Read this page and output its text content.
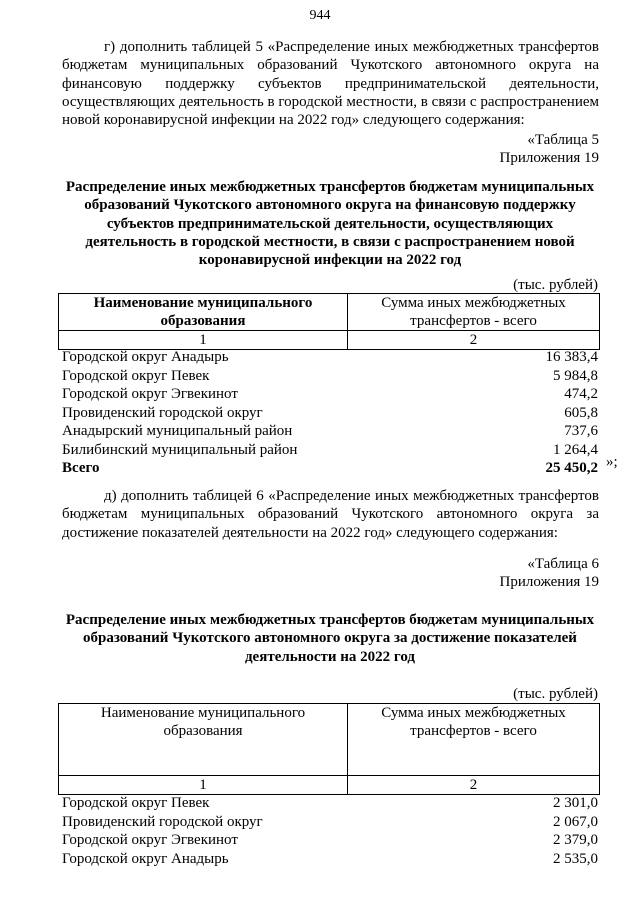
944
г) дополнить таблицей 5 «Распределение иных межбюджетных трансфертов
бюджетам муниципальных образований Чукотского автономного округа на
финансовую поддержку субъектов предпринимательской деятельности,
осуществляющих деятельность в городской местности, в связи с распространением
новой коронавирусной инфекции на 2022 год» следующего содержания:
«Таблица 5
Приложения 19
Распределение иных межбюджетных трансфертов бюджетам муниципальных
образований Чукотского автономного округа на финансовую поддержку
субъектов предпринимательской деятельности, осуществляющих
деятельность в городской местности, в связи с распространением новой
коронавирусной инфекции на 2022 год
(тыс. рублей)
Наименование муниципального образования	Сумма иных межбюджетных трансфертов - всего
1	2
Городской округ Анадырь	16 383,4
Городской округ Певек	5 984,8
Городской округ Эгвекинот	474,2
Провиденский городской округ	605,8
Анадырский муниципальный район	737,6
Билибинский муниципальный район	1 264,4
Всего	25 450,2 »;
д) дополнить таблицей 6 «Распределение иных межбюджетных трансфертов
бюджетам муниципальных образований Чукотского автономного округа за
достижение показателей деятельности на 2022 год» следующего содержания:
«Таблица 6
Приложения 19
Распределение иных межбюджетных трансфертов бюджетам муниципальных
образований Чукотского автономного округа за достижение показателей
деятельности на 2022 год
(тыс. рублей)
Наименование муниципального образования	Сумма иных межбюджетных трансфертов - всего
1	2
Городской округ Певек	2 301,0
Провиденский городской округ	2 067,0
Городской округ Эгвекинот	2 379,0
Городской округ Анадырь	2 535,0
